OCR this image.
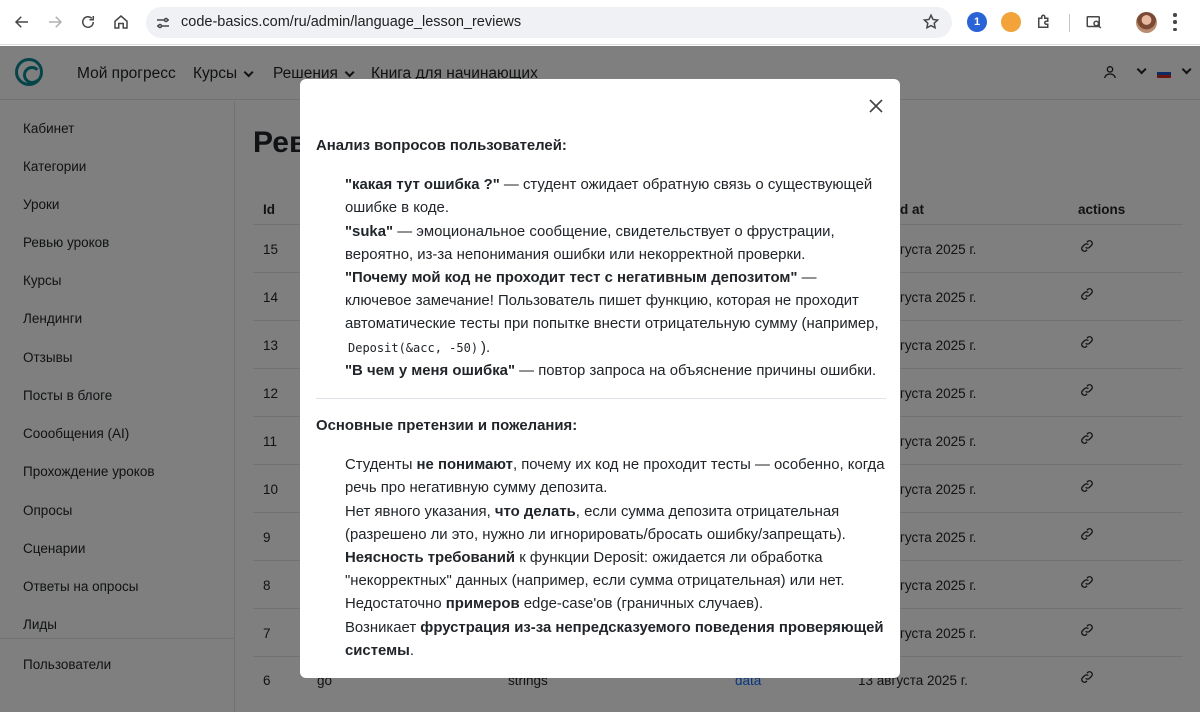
code-basics.com/ru/admin/language_lesson_reviews	1
Анализ вопросов пользователей:
"какая тут ошибка ?" — студент ожидает обратную связь о существующей ошибке в коде.
"suka" — эмоциональное сообщение, свидетельствует о фрустрации, вероятно, из-за непонимания ошибки или некорректной проверки.
"Почему мой код не проходит тест с негативным депозитом" — ключевое замечание! Пользователь пишет функцию, которая не проходит автоматические тесты при попытке внести отрицательную сумму (например, Deposit(&acc, -50) ).
"В чем у меня ошибка" — повтор запроса на объяснение причины ошибки.
Основные претензии и пожелания:
Студенты не понимают, почему их код не проходит тесты — особенно, когда речь про негативную сумму депозита.
Нет явного указания, что делать, если сумма депозита отрицательная (разрешено ли это, нужно ли игнорировать/бросать ошибку/запрещать).
Неясность требований к функции Deposit: ожидается ли обработка "некорректных" данных (например, если сумма отрицательная) или нет.
Недостаточно примеров edge-case'ов (граничных случаев).
Возникает фрустрация из-за непредсказуемого поведения проверяющей системы.
